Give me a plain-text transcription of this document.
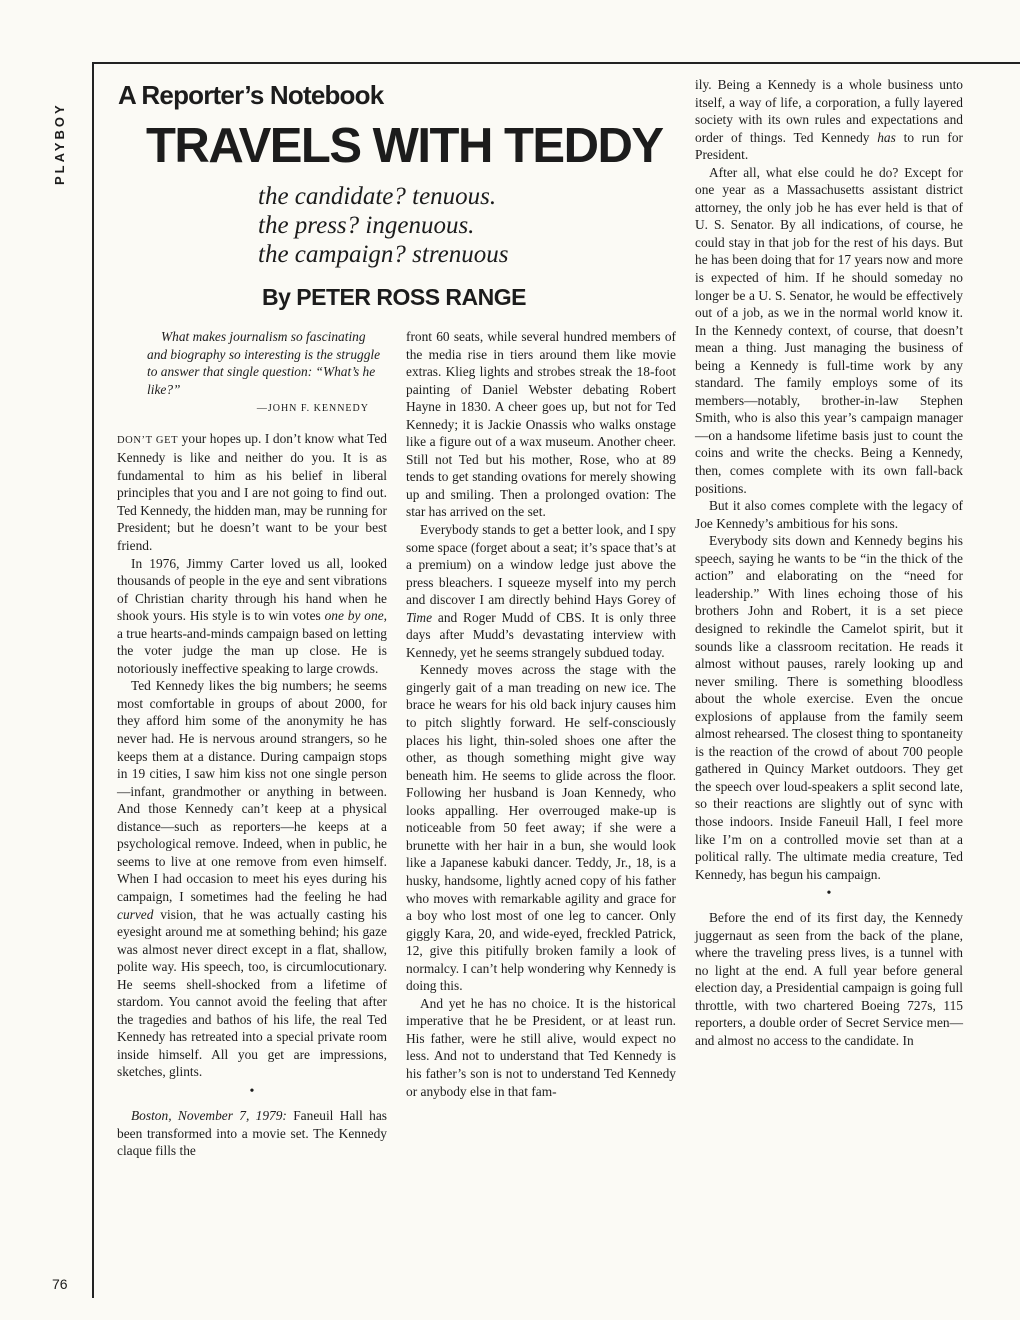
PLAYBOY
76
A Reporter’s Notebook
TRAVELS WITH TEDDY
the candidate? tenuous.
the press? ingenuous.
the campaign? strenuous
By PETER ROSS RANGE

What makes journalism so fascinating and biography so interesting is the struggle to answer that single question: “What’s he like?”

—JOHN F. KENNEDY

DON’T GET your hopes up. I don’t know what Ted Kennedy is like and neither do you. It is as fundamental to him as his belief in liberal principles that you and I are not going to find out. Ted Kennedy, the hidden man, may be running for President; but he doesn’t want to be your best friend.

In 1976, Jimmy Carter loved us all, looked thousands of people in the eye and sent vibrations of Christian charity through his hand when he shook yours. His style is to win votes one by one, a true hearts-and-minds campaign based on letting the voter judge the man up close. He is notoriously ineffective speaking to large crowds.

Ted Kennedy likes the big numbers; he seems most comfortable in groups of about 2000, for they afford him some of the anonymity he has never had. He is nervous around strangers, so he keeps them at a distance. During campaign stops in 19 cities, I saw him kiss not one single person—infant, grandmother or anything in between. And those Kennedy can’t keep at a physical distance—such as reporters—he keeps at a psychological remove. Indeed, when in public, he seems to live at one remove from even himself. When I had occasion to meet his eyes during his campaign, I sometimes had the feeling he had curved vision, that he was actually casting his eyesight around me at something behind; his gaze was almost never direct except in a flat, shallow, polite way. His speech, too, is circumlocutionary. He seems shell-shocked from a lifetime of stardom. You cannot avoid the feeling that after the tragedies and bathos of his life, the real Ted Kennedy has retreated into a special private room inside himself. All you get are impressions, sketches, glints.

•

Boston, November 7, 1979: Faneuil Hall has been transformed into a movie set. The Kennedy claque fills the

front 60 seats, while several hundred members of the media rise in tiers around them like movie extras. Klieg lights and strobes streak the 18-foot painting of Daniel Webster debating Robert Hayne in 1830. A cheer goes up, but not for Ted Kennedy; it is Jackie Onassis who walks onstage like a figure out of a wax museum. Another cheer. Still not Ted but his mother, Rose, who at 89 tends to get standing ovations for merely showing up and smiling. Then a prolonged ovation: The star has arrived on the set.

Everybody stands to get a better look, and I spy some space (forget about a seat; it’s space that’s at a premium) on a window ledge just above the press bleachers. I squeeze myself into my perch and discover I am directly behind Hays Gorey of Time and Roger Mudd of CBS. It is only three days after Mudd’s devastating interview with Kennedy, yet he seems strangely subdued today.

Kennedy moves across the stage with the gingerly gait of a man treading on new ice. The brace he wears for his old back injury causes him to pitch slightly forward. He self-consciously places his light, thin-soled shoes one after the other, as though something might give way beneath him. He seems to glide across the floor. Following her husband is Joan Kennedy, who looks appalling. Her overrouged make-up is noticeable from 50 feet away; if she were a brunette with her hair in a bun, she would look like a Japanese kabuki dancer. Teddy, Jr., 18, is a husky, handsome, lightly acned copy of his father who moves with remarkable agility and grace for a boy who lost most of one leg to cancer. Only giggly Kara, 20, and wide-eyed, freckled Patrick, 12, give this pitifully broken family a look of normalcy. I can’t help wondering why Kennedy is doing this.

And yet he has no choice. It is the historical imperative that he be President, or at least run. His father, were he still alive, would expect no less. And not to understand that Ted Kennedy is his father’s son is not to understand Ted Kennedy or anybody else in that fam-

ily. Being a Kennedy is a whole business unto itself, a way of life, a corporation, a fully layered society with its own rules and expectations and order of things. Ted Kennedy has to run for President.

After all, what else could he do? Except for one year as a Massachusetts assistant district attorney, the only job he has ever held is that of U. S. Senator. By all indications, of course, he could stay in that job for the rest of his days. But he has been doing that for 17 years now and more is expected of him. If he should someday no longer be a U. S. Senator, he would be effectively out of a job, as we in the normal world know it. In the Kennedy context, of course, that doesn’t mean a thing. Just managing the business of being a Kennedy is full-time work by any standard. The family employs some of its members—notably, brother-in-law Stephen Smith, who is also this year’s campaign manager—on a handsome lifetime basis just to count the coins and write the checks. Being a Kennedy, then, comes complete with its own fall-back positions.

But it also comes complete with the legacy of Joe Kennedy’s ambitious for his sons.

Everybody sits down and Kennedy begins his speech, saying he wants to be “in the thick of the action” and elaborating on the “need for leadership.” With lines echoing those of his brothers John and Robert, it is a set piece designed to rekindle the Camelot spirit, but it sounds like a classroom recitation. He reads it almost without pauses, rarely looking up and never smiling. There is something bloodless about the whole exercise. Even the oncue explosions of applause from the family seem almost rehearsed. The closest thing to spontaneity is the reaction of the crowd of about 700 people gathered in Quincy Market outdoors. They get the speech over loud-speakers a split second late, so their reactions are slightly out of sync with those indoors. Inside Faneuil Hall, I feel more like I’m on a controlled movie set than at a political rally. The ultimate media creature, Ted Kennedy, has begun his campaign.

•

Before the end of its first day, the Kennedy juggernaut as seen from the back of the plane, where the traveling press lives, is a tunnel with no light at the end. A full year before general election day, a Presidential campaign is going full throttle, with two chartered Boeing 727s, 115 reporters, a double order of Secret Service men—and almost no access to the candidate. In
